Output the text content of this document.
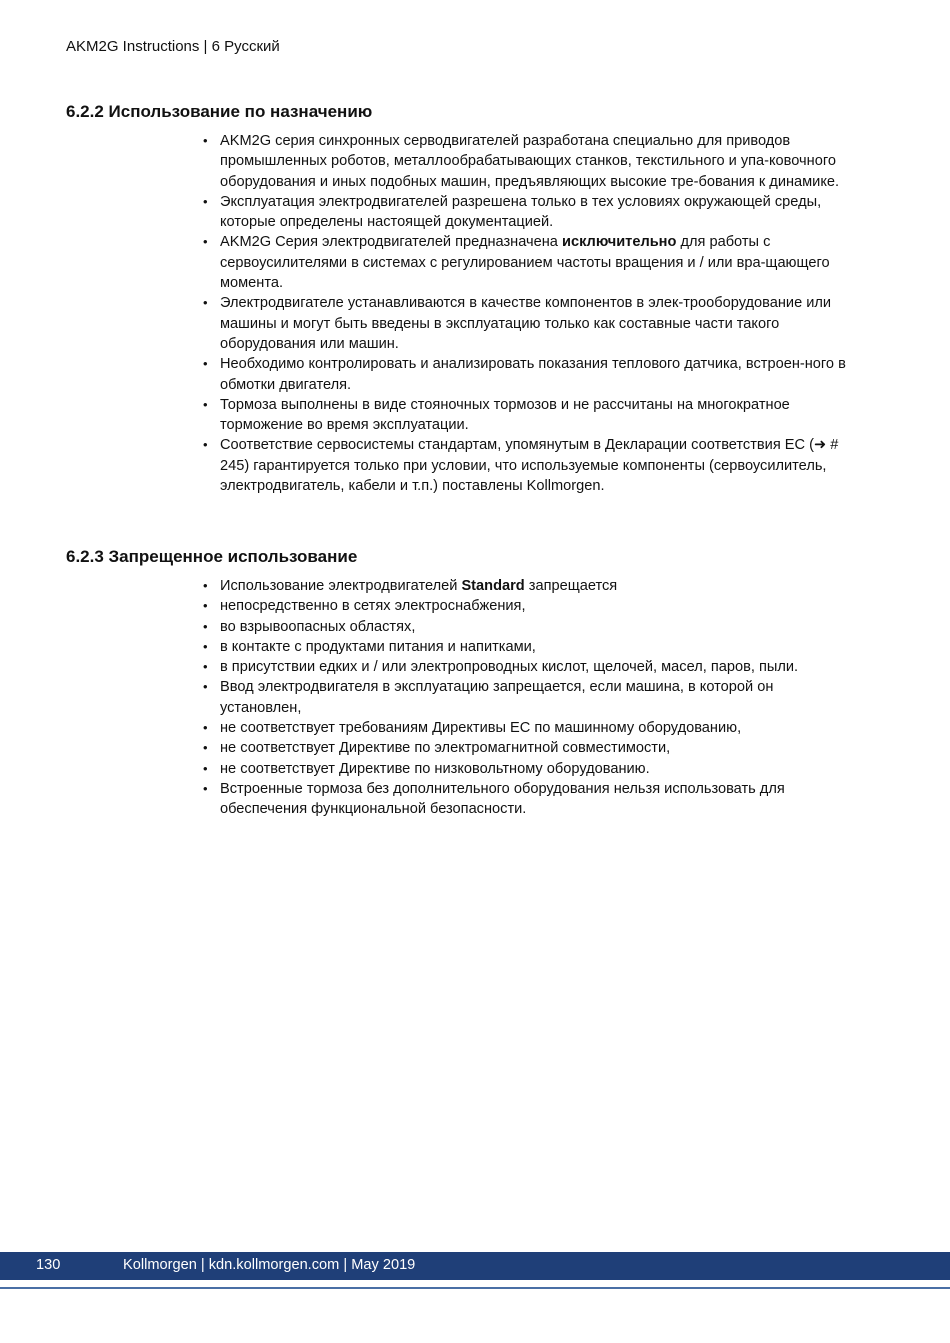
AKM2G Instructions | 6 Русский
6.2.2 Использование по назначению
• AKM2G серия синхронных серводвигателей разработана специально для приводов промышленных роботов, металлообрабатывающих станков, текстильного и упа-ковочного оборудования и иных подобных машин, предъявляющих высокие тре-бования к динамике.
• Эксплуатация электродвигателей разрешена только в тех условиях окружающей среды, которые определены настоящей документацией.
• AKM2G Серия электродвигателей предназначена исключительно для работы с сервоусилителями в системах с регулированием частоты вращения и / или вра-щающего момента.
• Электродвигателе устанавливаются в качестве компонентов в элек-трооборудование или машины и могут быть введены в эксплуатацию только как составные части такого оборудования или машин.
• Необходимо контролировать и анализировать показания теплового датчика, встроен-ного в обмотки двигателя.
• Тормоза выполнены в виде стояночных тормозов и не рассчитаны на многократное торможение во время эксплуатации.
• Соответствие сервосистемы стандартам, упомянутым в Декларации соответствия ЕС (➜ # 245) гарантируется только при условии, что используемые компоненты (сервоусилитель, электродвигатель, кабели и т.п.) поставлены Kollmorgen.
6.2.3 Запрещенное использование
• Использование электродвигателей Standard запрещается
• непосредственно в сетях электроснабжения,
• во взрывоопасных областях,
• в контакте с продуктами питания и напитками,
• в присутствии едких и / или электропроводных кислот, щелочей, масел, паров, пыли.
• Ввод электродвигателя в эксплуатацию запрещается, если машина, в которой он установлен,
• не соответствует требованиям Директивы ЕС по машинному оборудованию,
• не соответствует Директиве по электромагнитной совместимости,
• не соответствует Директиве по низковольтному оборудованию.
• Встроенные тормоза без дополнительного оборудования нельзя использовать для обеспечения функциональной безопасности.
130	Kollmorgen | kdn.kollmorgen.com | May 2019
